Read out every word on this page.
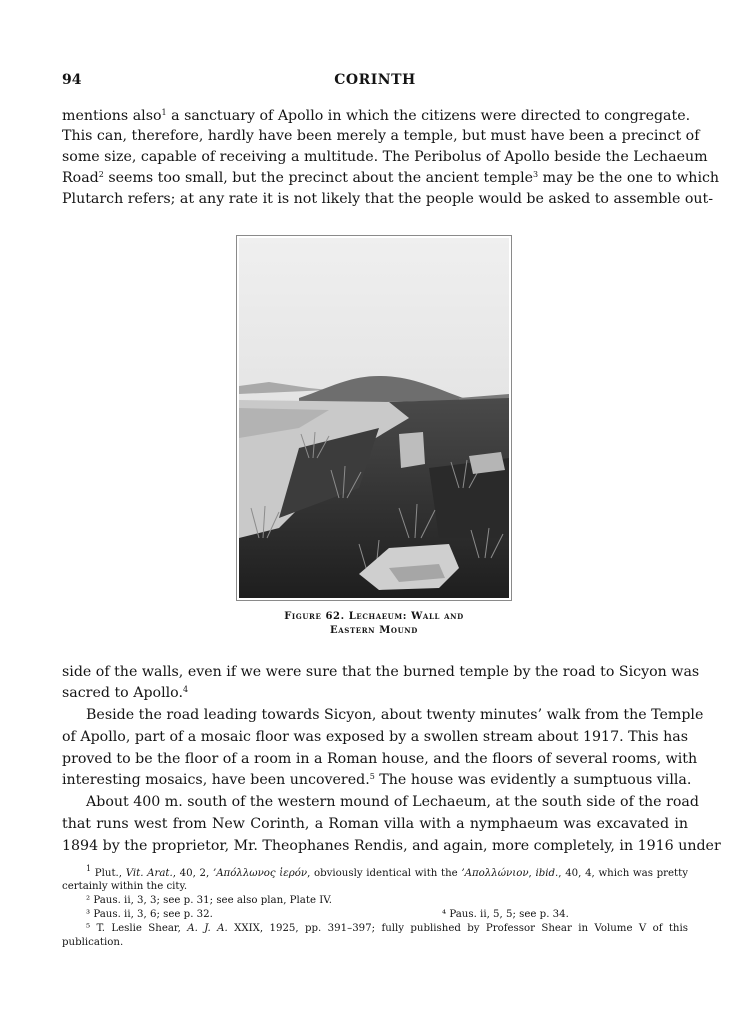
94	CORINTH
mentions also$^1$ a sanctuary of Apollo in which the citizens were directed to congregate.
This can, therefore, hardly have been merely a temple, but must have been a precinct of
some size, capable of receiving a multitude. The Peribolus of Apollo beside the Lechaeum
Road$^2$ seems too small, but the precinct about the ancient temple$^3$ may be the one to which
Plutarch refers; at any rate it is not likely that the people would be asked to assemble out-
Figure 62. Lechaeum: Wall and
Eastern Mound
side of the walls, even if we were sure that the burned temple by the road to Sicyon was
sacred to Apollo.$^4$
Beside the road leading towards Sicyon, about twenty minutes’ walk from the Temple
of Apollo, part of a mosaic floor was exposed by a swollen stream about 1917. This has
proved to be the floor of a room in a Roman house, and the floors of several rooms, with
interesting mosaics, have been uncovered.$^5$ The house was evidently a sumptuous villa.
About 400 m. south of the western mound of Lechaeum, at the south side of the road
that runs west from New Corinth, a Roman villa with a nymphaeum was excavated in
1894 by the proprietor, Mr. Theophanes Rendis, and again, more completely, in 1916 under
$^1$ Plut., Vit. Arat., 40, 2, ’Απόλλωνος ἱερόν, obviously identical with the ’Απολλώνιον, ibid., 40, 4, which was pretty
certainly within the city.
² Paus. ii, 3, 3; see p. 31; see also plan, Plate IV.
³ Paus. ii, 3, 6; see p. 32.	⁴ Paus. ii, 5, 5; see p. 34.
⁵ T. Leslie Shear, A. J. A. XXIX, 1925, pp. 391–397; fully published by Professor Shear in Volume V of this
publication.
